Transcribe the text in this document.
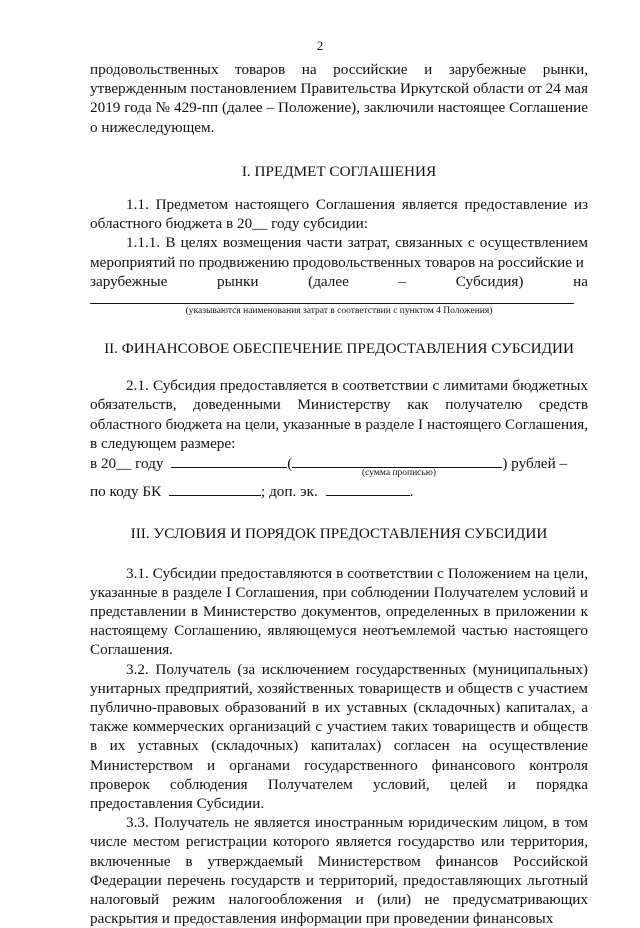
2

продовольственных товаров на российские и зарубежные рынки, утвержденным постановлением Правительства Иркутской области от 24 мая 2019 года № 429-пп (далее – Положение), заключили настоящее Соглашение о нижеследующем.

I. ПРЕДМЕТ СОГЛАШЕНИЯ

1.1. Предметом настоящего Соглашения является предоставление из областного бюджета в 20__ году субсидии:

1.1.1. В целях возмещения части затрат, связанных с осуществлением мероприятий по продвижению продовольственных товаров на российские и

зарубежные рынки (далее – Субсидия) на

(указываются наименования затрат в соответствии с пунктом 4 Положения)
II. ФИНАНСОВОЕ ОБЕСПЕЧЕНИЕ ПРЕДОСТАВЛЕНИЯ СУБСИДИИ

2.1. Субсидия предоставляется в соответствии с лимитами бюджетных обязательств, доведенными Министерству как получателю средств областного бюджета на цели, указанные в разделе I настоящего Соглашения, в следующем размере:

в 20__ году	(	) рублей –
(сумма прописью)
по коду БК	; доп. эк.	.
III. УСЛОВИЯ И ПОРЯДОК ПРЕДОСТАВЛЕНИЯ СУБСИДИИ

3.1. Субсидии предоставляются в соответствии с Положением на цели, указанные в разделе I Соглашения, при соблюдении Получателем условий и представлении в Министерство документов, определенных в приложении к настоящему Соглашению, являющемуся неотъемлемой частью настоящего Соглашения.

3.2. Получатель (за исключением государственных (муниципальных) унитарных предприятий, хозяйственных товариществ и обществ с участием публично-правовых образований в их уставных (складочных) капиталах, а также коммерческих организаций с участием таких товариществ и обществ в их уставных (складочных) капиталах) согласен на осуществление Министерством и органами государственного финансового контроля проверок соблюдения Получателем условий, целей и порядка предоставления Субсидии.

3.3. Получатель не является иностранным юридическим лицом, в том числе местом регистрации которого является государство или территория, включенные в утверждаемый Министерством финансов Российской Федерации перечень государств и территорий, предоставляющих льготный налоговый режим налогообложения и (или) не предусматривающих раскрытия и предоставления информации при проведении финансовых
